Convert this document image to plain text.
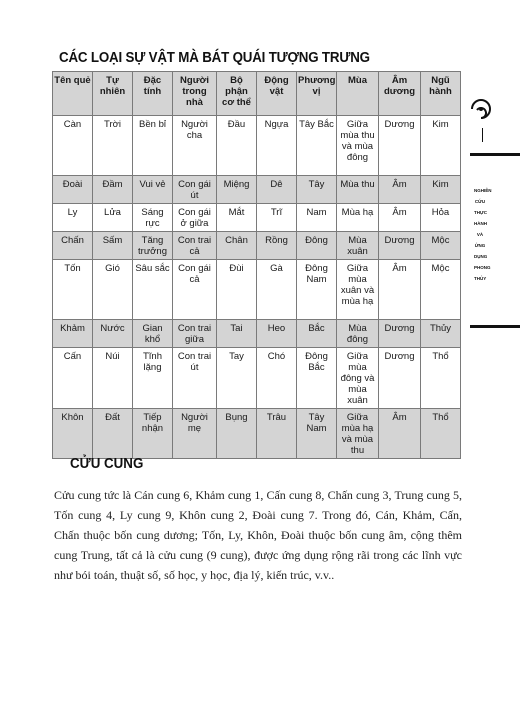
CÁC LOẠI SỰ VẬT MÀ BÁT QUÁI TƯỢNG TRƯNG
Tên quẻ	Tự nhiên	Đặc tính	Người trong nhà	Bộ phận cơ thể	Động vật	Phương vị	Mùa	Âm dương	Ngũ hành
Càn	Trời	Bền bỉ	Người cha	Đầu	Ngựa	Tây Bắc	Giữa mùa thu và mùa đông	Dương	Kim
Đoài	Đầm	Vui vẻ	Con gái út	Miệng	Dê	Tây	Mùa thu	Âm	Kim
Ly	Lửa	Sáng rực	Con gái ở giữa	Mắt	Trĩ	Nam	Mùa hạ	Âm	Hỏa
Chấn	Sấm	Tăng trưởng	Con trai cả	Chân	Rồng	Đông	Mùa xuân	Dương	Mộc
Tốn	Gió	Sâu sắc	Con gái cả	Đùi	Gà	Đông Nam	Giữa mùa xuân và mùa hạ	Âm	Mộc
Khảm	Nước	Gian khổ	Con trai giữa	Tai	Heo	Bắc	Mùa đông	Dương	Thủy
Cấn	Núi	Tĩnh lặng	Con trai út	Tay	Chó	Đông Bắc	Giữa mùa đông và mùa xuân	Dương	Thổ
Khôn	Đất	Tiếp nhận	Người mẹ	Bụng	Trâu	Tây Nam	Giữa mùa hạ và mùa thu	Âm	Thổ
CỬU CUNG

Cửu cung tức là Cán cung 6, Khảm cung 1, Cấn cung 8, Chấn cung 3, Trung cung 5, Tốn cung 4, Ly cung 9, Khôn cung 2, Đoài cung 7. Trong đó, Cán, Khảm, Cấn, Chấn thuộc bốn cung dương; Tốn, Ly, Khôn, Đoài thuộc bốn cung âm, cộng thêm cung Trung, tất cả là cửu cung (9 cung), được ứng dụng rộng rãi trong các lĩnh vực như bói toán, thuật số, số học, y học, địa lý, kiến trúc, v.v..

NGHIÊN CỨU THỰC HÀNH VÀ ỨNG DỤNG PHONG THỦY
